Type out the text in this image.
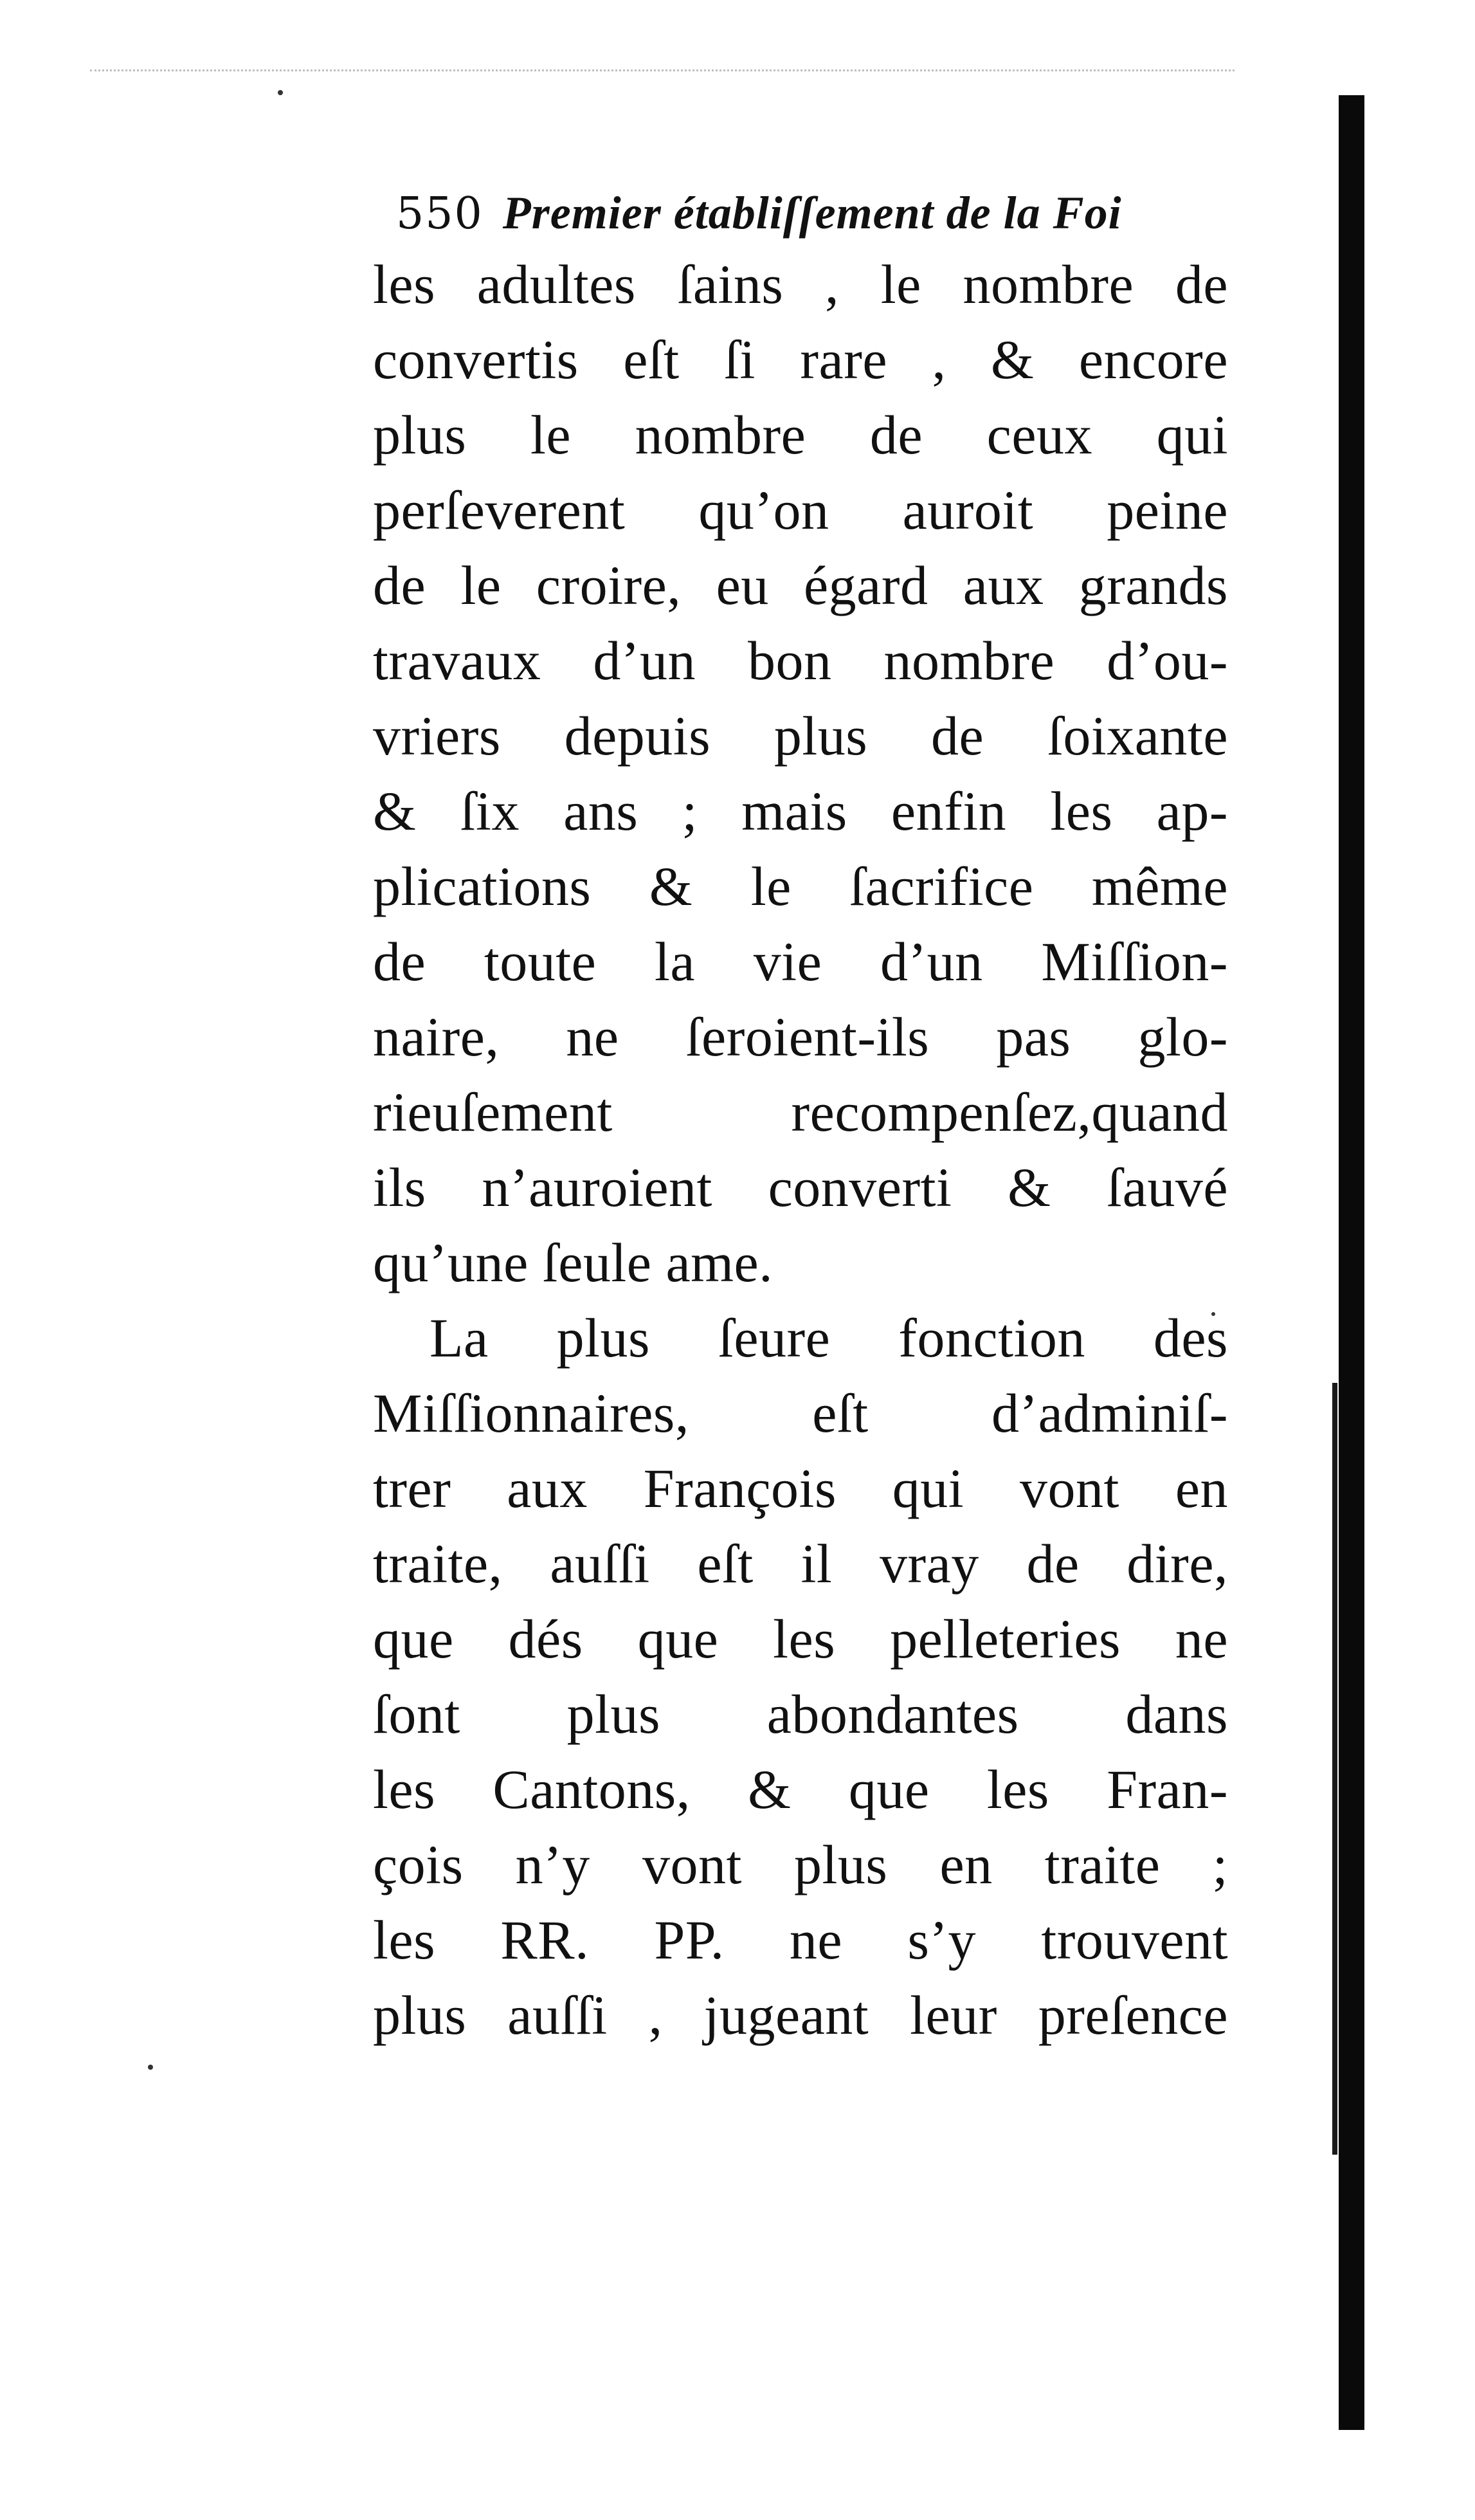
550 Premier établiſſement de la Foi
les adultes ſains , le nombre de
convertis eſt ſi rare , & encore
plus le nombre de ceux qui
perſeverent qu’on auroit peine
de le croire, eu égard aux grands
travaux d’un bon nombre d’ou-
vriers depuis plus de ſoixante
& ſix ans ; mais enfin les ap-
plications & le ſacrifice même
de toute la vie d’un Miſſion-
naire, ne ſeroient-ils pas glo-
rieuſement recompenſez,quand
ils n’auroient converti & ſauvé
qu’une ſeule ame.
La plus ſeure fonction des
Miſſionnaires, eſt d’adminiſ-
trer aux François qui vont en
traite, auſſi eſt il vray de dire,
que dés que les pelleteries ne
ſont plus abondantes dans
les Cantons, & que les Fran-
çois n’y vont plus en traite ;
les RR. PP. ne s’y trouvent
plus auſſi , jugeant leur preſence
